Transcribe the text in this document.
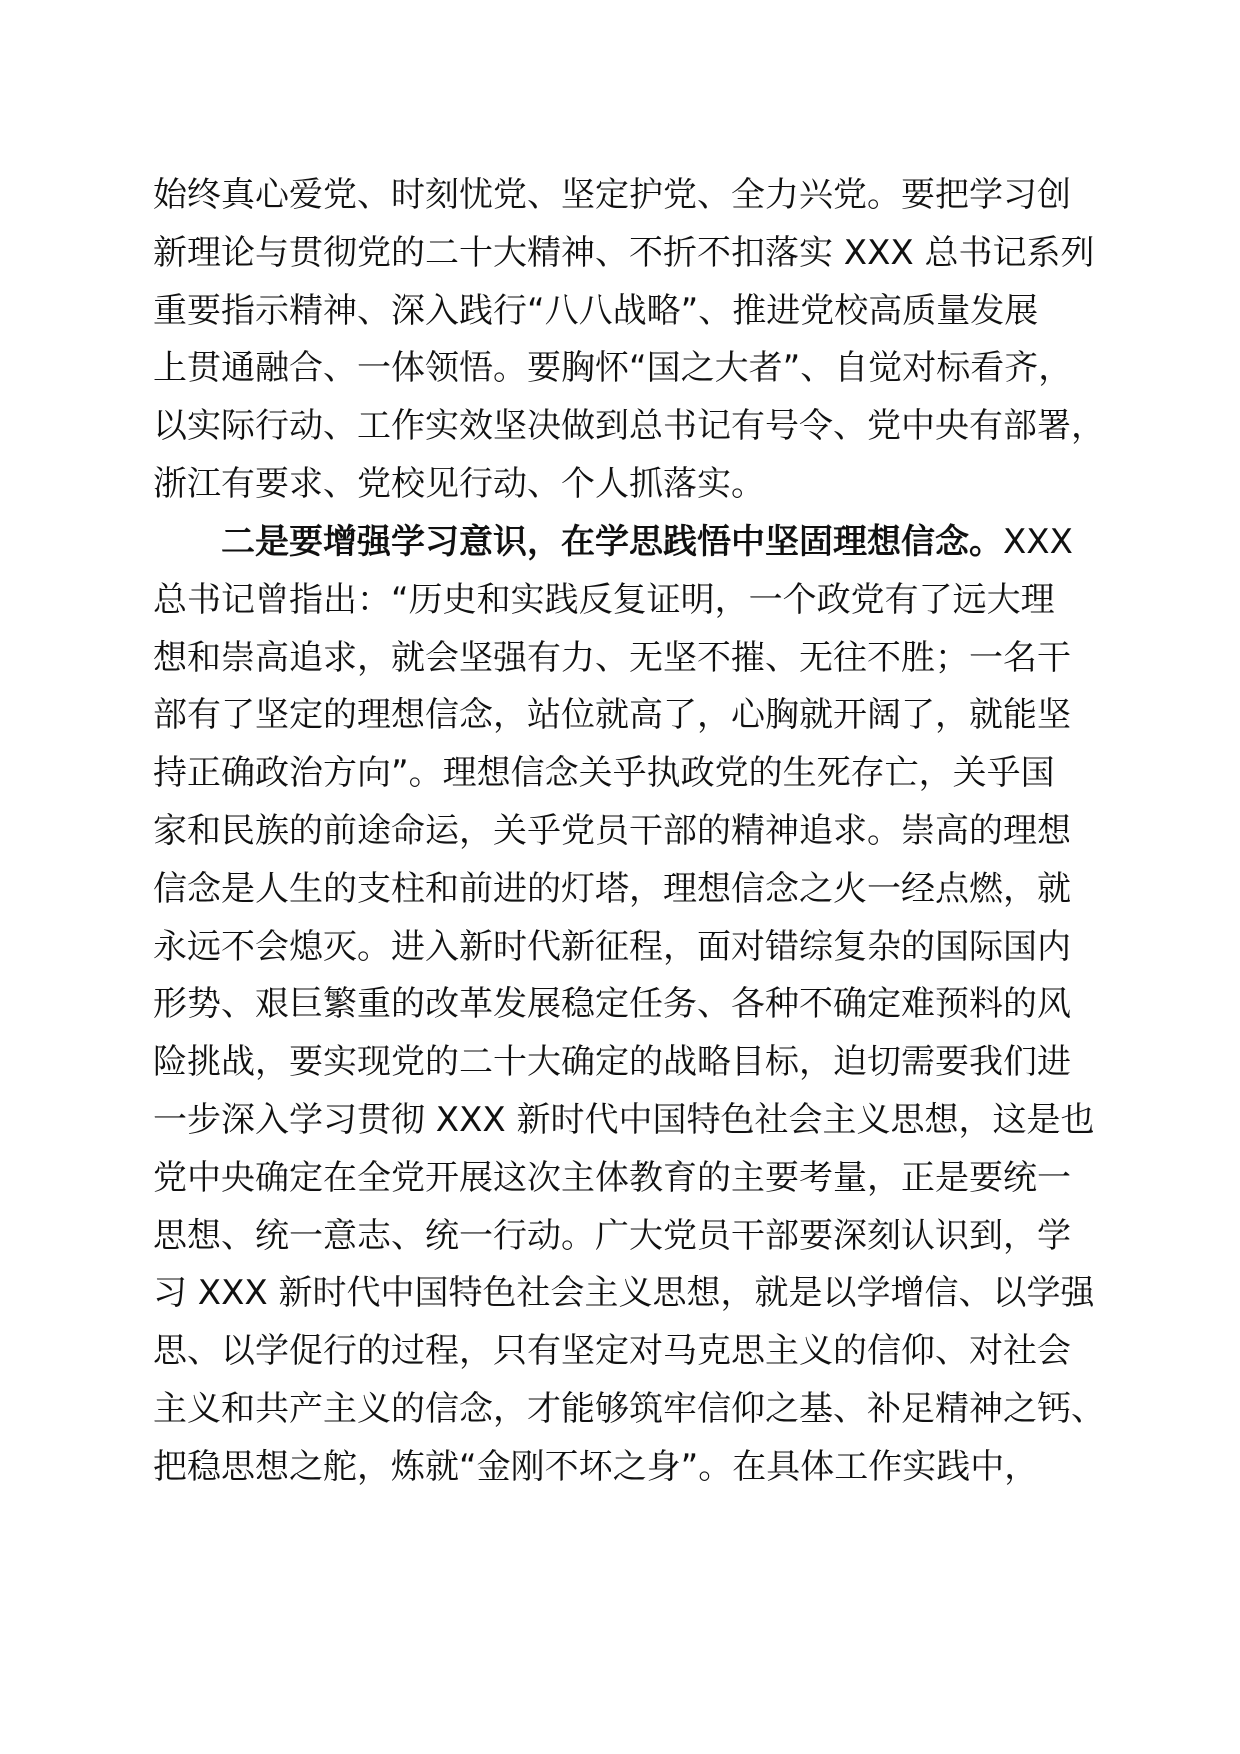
始终真心爱党、时刻忧党、坚定护党、全力兴党。要把学习创
新理论与贯彻党的二十大精神、不折不扣落实 XXX 总书记系列
重要指示精神、深入践行“八八战略”、推进党校高质量发展
上贯通融合、一体领悟。要胸怀“国之大者”、自觉对标看齐，
以实际行动、工作实效坚决做到总书记有号令、党中央有部署，
浙江有要求、党校见行动、个人抓落实。
二是要增强学习意识，在学思践悟中坚固理想信念。XXX
总书记曾指出：“历史和实践反复证明，一个政党有了远大理
想和崇高追求，就会坚强有力、无坚不摧、无往不胜；一名干
部有了坚定的理想信念，站位就高了，心胸就开阔了，就能坚
持正确政治方向”。理想信念关乎执政党的生死存亡，关乎国
家和民族的前途命运，关乎党员干部的精神追求。崇高的理想
信念是人生的支柱和前进的灯塔，理想信念之火一经点燃，就
永远不会熄灭。进入新时代新征程，面对错综复杂的国际国内
形势、艰巨繁重的改革发展稳定任务、各种不确定难预料的风
险挑战，要实现党的二十大确定的战略目标，迫切需要我们进
一步深入学习贯彻 XXX 新时代中国特色社会主义思想，这是也
党中央确定在全党开展这次主体教育的主要考量，正是要统一
思想、统一意志、统一行动。广大党员干部要深刻认识到，学
习 XXX 新时代中国特色社会主义思想，就是以学增信、以学强
思、以学促行的过程，只有坚定对马克思主义的信仰、对社会
主义和共产主义的信念，才能够筑牢信仰之基、补足精神之钙、
把稳思想之舵，炼就“金刚不坏之身”。在具体工作实践中，
